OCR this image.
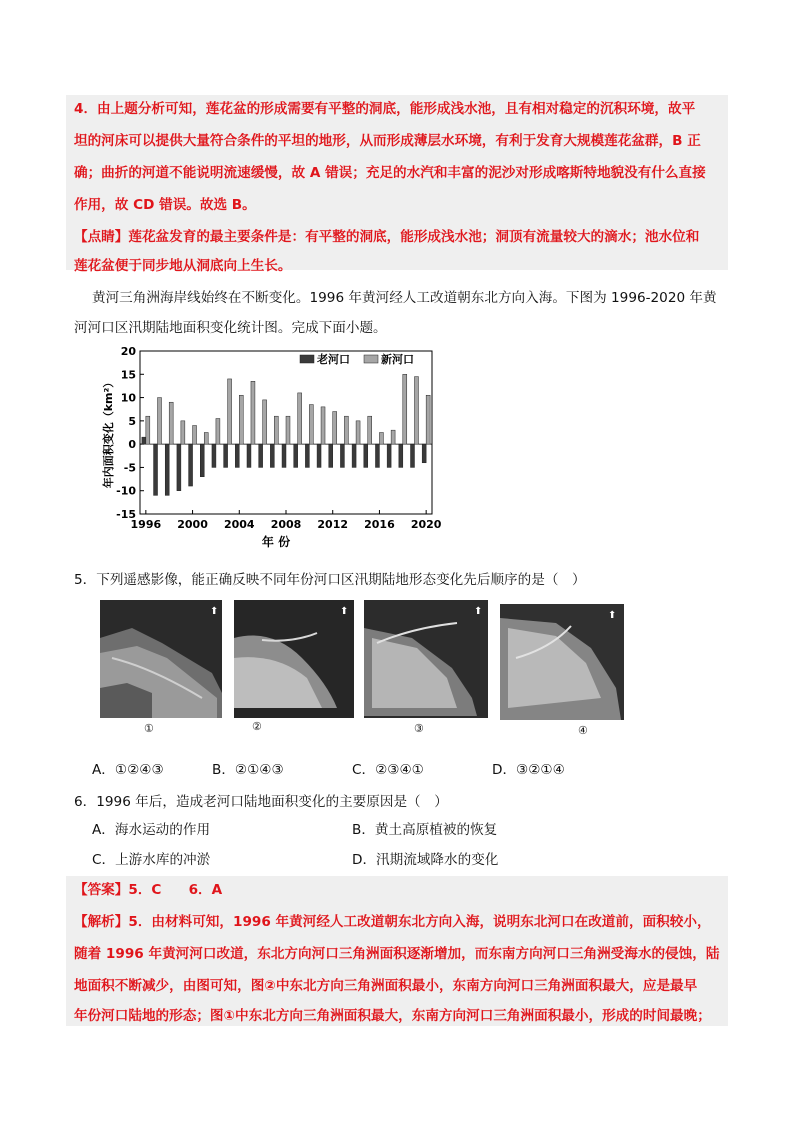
4．由上题分析可知，莲花盆的形成需要有平整的洞底，能形成浅水池，且有相对稳定的沉积环境，故平
坦的河床可以提供大量符合条件的平坦的地形，从而形成薄层水环境，有利于发育大规模莲花盆群，B 正
确；曲折的河道不能说明流速缓慢，故 A 错误；充足的水汽和丰富的泥沙对形成喀斯特地貌没有什么直接
作用，故 CD 错误。故选 B。
【点睛】莲花盆发育的最主要条件是：有平整的洞底，能形成浅水池；洞顶有流量较大的滴水；池水位和
莲花盆便于同步地从洞底向上生长。
黄河三角洲海岸线始终在不断变化。1996 年黄河经人工改道朝东北方向入海。下图为 1996-2020 年黄
河河口区汛期陆地面积变化统计图。完成下面小题。
20
15
10
5
0
-5
-10
-15
1996 2000 2004 2008 2012 2016 2020
年 份
年内面积变化（km²）
老河口	新河口
5．下列遥感影像，能正确反映不同年份河口区汛期陆地形态变化先后顺序的是（　）
⬆
①
⬆
②
⬆
③
⬆
④
A．①②④③	B．②①④③	C．②③④①	D．③②①④
6．1996 年后，造成老河口陆地面积变化的主要原因是（　）
A．海水运动的作用	B．黄土高原植被的恢复
C．上游水库的冲淤	D．汛期流域降水的变化
【答案】5．C　　6．A
【解析】5．由材料可知，1996 年黄河经人工改道朝东北方向入海，说明东北河口在改道前，面积较小，
随着 1996 年黄河河口改道，东北方向河口三角洲面积逐渐增加，而东南方向河口三角洲受海水的侵蚀，陆
地面积不断减少，由图可知，图②中东北方向三角洲面积最小，东南方向河口三角洲面积最大，应是最早
年份河口陆地的形态；图①中东北方向三角洲面积最大，东南方向河口三角洲面积最小，形成的时间最晚；
